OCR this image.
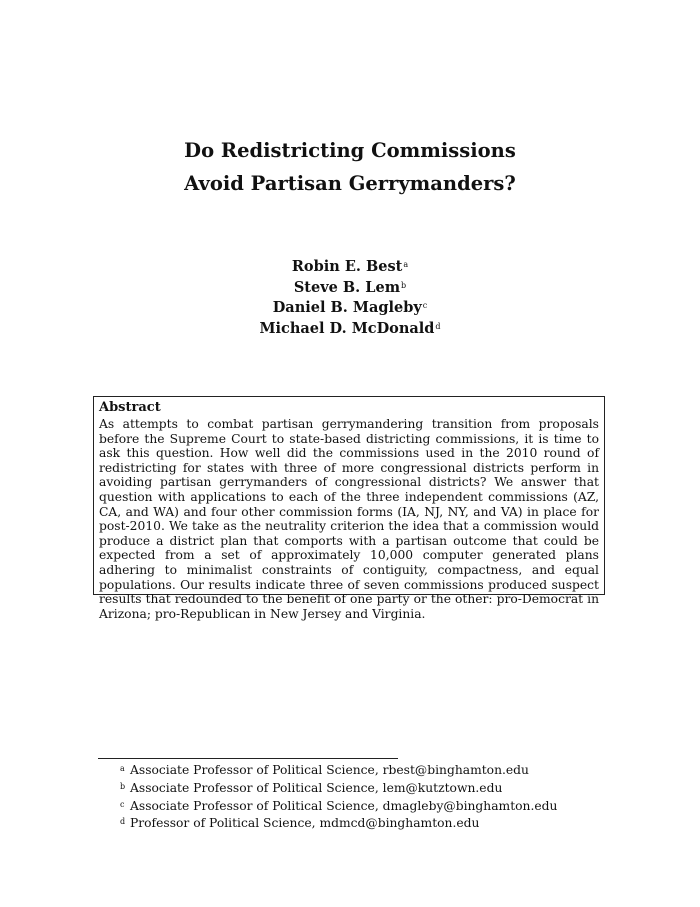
Do Redistricting Commissions

Avoid Partisan Gerrymanders?

Robin E. Best$^a$
Steve B. Lem$^b$
Daniel B. Magleby$^c$
Michael D. McDonald$^d$

Abstract

As attempts to combat partisan gerrymandering transition from proposals before the Supreme Court to state-based districting commissions, it is time to ask this question. How well did the commissions used in the 2010 round of redistricting for states with three of more congressional districts perform in avoiding partisan gerrymanders of congressional districts? We answer that question with applications to each of the three independent commissions (AZ, CA, and WA) and four other commission forms (IA, NJ, NY, and VA) in place for post-2010. We take as the neutrality criterion the idea that a commission would produce a district plan that comports with a partisan outcome that could be expected from a set of approximately 10,000 computer generated plans adhering to minimalist constraints of contiguity, compactness, and equal populations. Our results indicate three of seven commissions produced suspect results that redounded to the benefit of one party or the other: pro-Democrat in Arizona; pro-Republican in New Jersey and Virginia.

$^a$ Associate Professor of Political Science, rbest@binghamton.edu
$^b$ Associate Professor of Political Science, lem@kutztown.edu
$^c$ Associate Professor of Political Science, dmagleby@binghamton.edu
$^d$ Professor of Political Science, mdmcd@binghamton.edu
